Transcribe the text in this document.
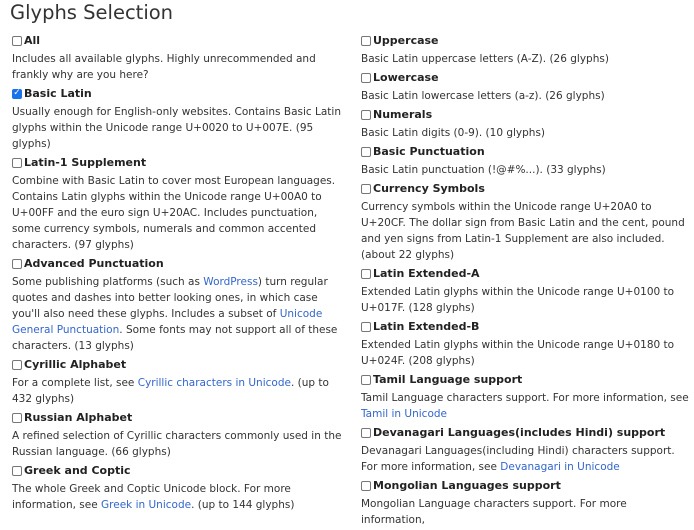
Glyphs Selection
All
Includes all available glyphs. Highly unrecommended and frankly why are you here?
✓ Basic Latin
Usually enough for English-only websites. Contains Basic Latin glyphs within the Unicode range U+0020 to U+007E. (95 glyphs)
Latin-1 Supplement
Combine with Basic Latin to cover most European languages. Contains Latin glyphs within the Unicode range U+00A0 to U+00FF and the euro sign U+20AC. Includes punctuation, some currency symbols, numerals and common accented characters. (97 glyphs)
Advanced Punctuation
Some publishing platforms (such as WordPress) turn regular quotes and dashes into better looking ones, in which case you'll also need these glyphs. Includes a subset of Unicode General Punctuation. Some fonts may not support all of these characters. (13 glyphs)
Cyrillic Alphabet
For a complete list, see Cyrillic characters in Unicode. (up to 432 glyphs)
Russian Alphabet
A refined selection of Cyrillic characters commonly used in the Russian language. (66 glyphs)
Greek and Coptic
The whole Greek and Coptic Unicode block. For more information, see Greek in Unicode. (up to 144 glyphs)
Uppercase
Basic Latin uppercase letters (A-Z). (26 glyphs)
Lowercase
Basic Latin lowercase letters (a-z). (26 glyphs)
Numerals
Basic Latin digits (0-9). (10 glyphs)
Basic Punctuation
Basic Latin punctuation (!@#%...). (33 glyphs)
Currency Symbols
Currency symbols within the Unicode range U+20A0 to U+20CF. The dollar sign from Basic Latin and the cent, pound and yen signs from Latin-1 Supplement are also included. (about 22 glyphs)
Latin Extended-A
Extended Latin glyphs within the Unicode range U+0100 to U+017F. (128 glyphs)
Latin Extended-B
Extended Latin glyphs within the Unicode range U+0180 to U+024F. (208 glyphs)
Tamil Language support
Tamil Language characters support. For more information, see Tamil in Unicode
Devanagari Languages(includes Hindi) support
Devanagari Languages(including Hindi) characters support. For more information, see Devanagari in Unicode
Mongolian Languages support
Mongolian Language characters support. For more information,
